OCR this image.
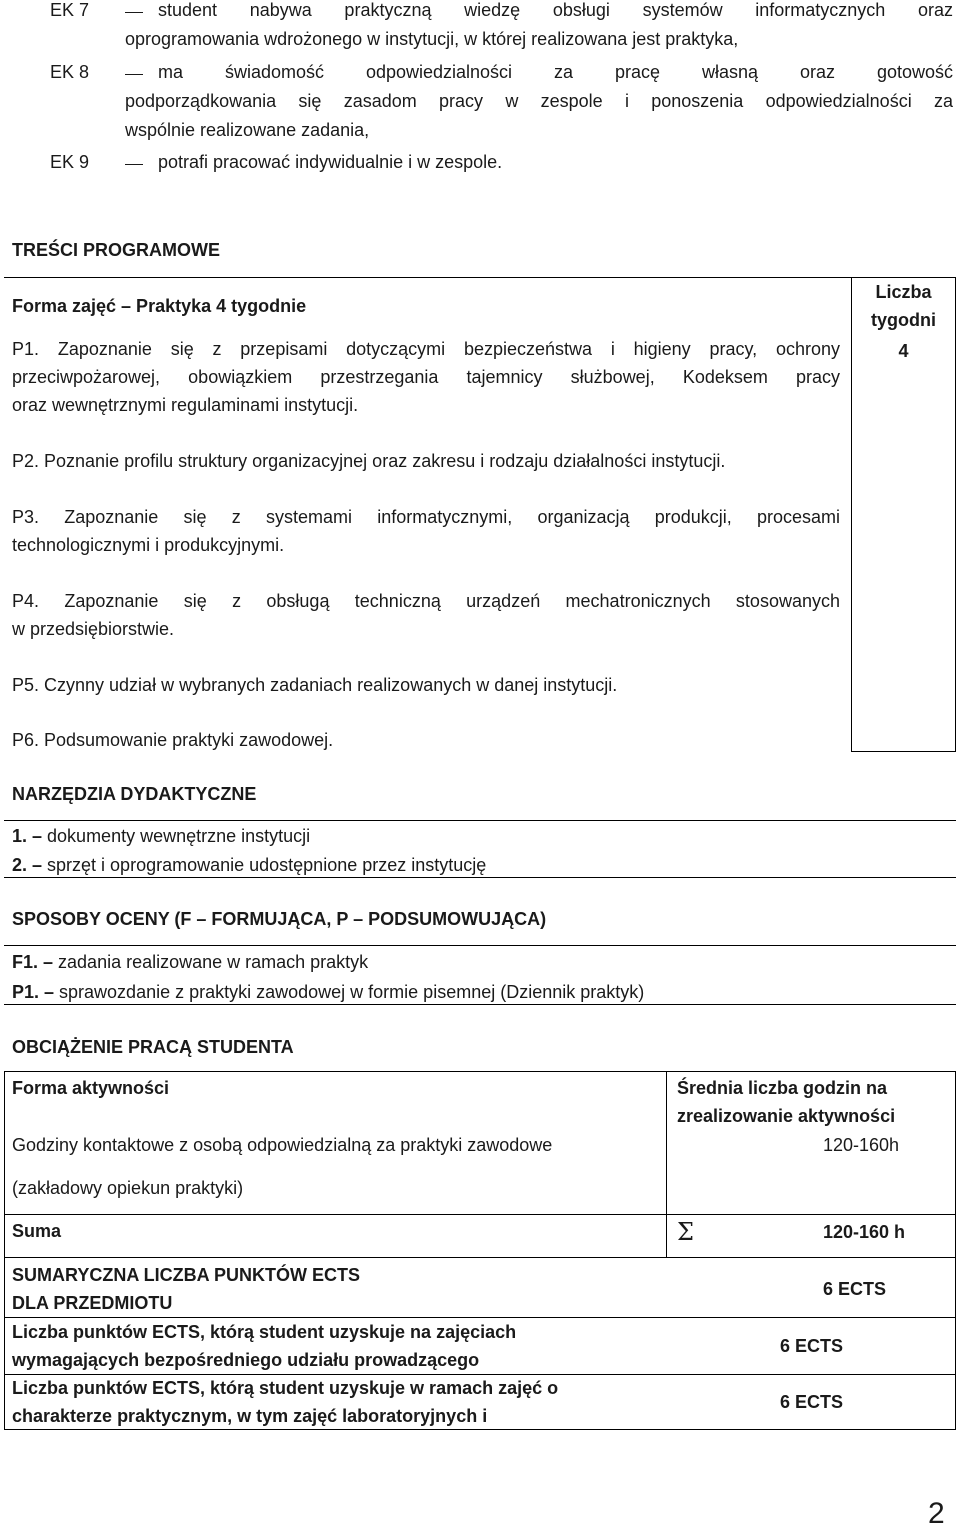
EK 7	student nabywa praktyczną wiedzę obsługi systemów informatycznych oraz
oprogramowania wdrożonego w instytucji, w której realizowana jest praktyka,
EK 8	ma świadomość odpowiedzialności za pracę własną oraz gotowość
podporządkowania się zasadom pracy w zespole i ponoszenia odpowiedzialności za
wspólnie realizowane zadania,
EK 9	potrafi pracować indywidualnie i w zespole.
TREŚCI PROGRAMOWE
Forma zajęć – Praktyka 4 tygodnie
Liczba
tygodni
4
P1. Zapoznanie się z przepisami dotyczącymi bezpieczeństwa i higieny pracy, ochrony
przeciwpożarowej, obowiązkiem przestrzegania tajemnicy służbowej, Kodeksem pracy
oraz wewnętrznymi regulaminami instytucji.
P2. Poznanie profilu struktury organizacyjnej oraz zakresu i rodzaju działalności instytucji.
P3. Zapoznanie się z systemami informatycznymi, organizacją produkcji, procesami
technologicznymi i produkcyjnymi.
P4. Zapoznanie się z obsługą techniczną urządzeń mechatronicznych stosowanych
w przedsiębiorstwie.
P5. Czynny udział w wybranych zadaniach realizowanych w danej instytucji.
P6. Podsumowanie praktyki zawodowej.
NARZĘDZIA DYDAKTYCZNE
1. – dokumenty wewnętrzne instytucji
2. – sprzęt i oprogramowanie udostępnione przez instytucję
SPOSOBY OCENY (F – FORMUJĄCA, P – PODSUMOWUJĄCA)
F1. – zadania realizowane w ramach praktyk
P1. – sprawozdanie z praktyki zawodowej w formie pisemnej (Dziennik praktyk)
OBCIĄŻENIE PRACĄ STUDENTA
Forma aktywności	Średnia liczba godzin na
zrealizowanie aktywności
Godziny kontaktowe z osobą odpowiedzialną za praktyki zawodowe
(zakładowy opiekun praktyki)
120-160h
Suma	Σ	120-160 h
SUMARYCZNA LICZBA PUNKTÓW ECTS
DLA PRZEDMIOTU
6 ECTS
Liczba punktów ECTS, którą student uzyskuje na zajęciach
wymagających bezpośredniego udziału prowadzącego
6 ECTS
Liczba punktów ECTS, którą student uzyskuje w ramach zajęć o
charakterze praktycznym, w tym zajęć laboratoryjnych i
6 ECTS
2
